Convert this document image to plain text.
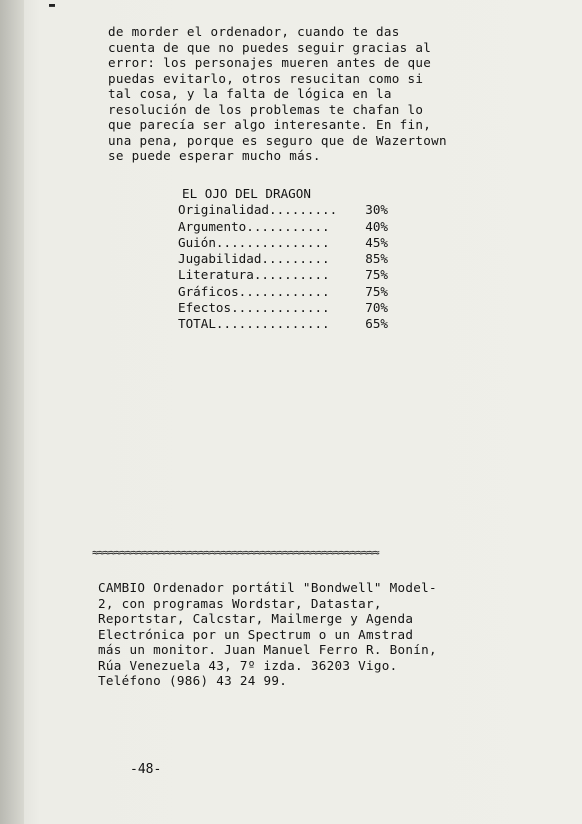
▬
de morder el ordenador, cuando te das
cuenta de que no puedes seguir gracias al
error: los personajes mueren antes de que
puedas evitarlo, otros resucitan como si
tal cosa, y la falta de lógica en la
resolución de los problemas te chafan lo
que parecía ser algo interesante. En fin,
una pena, porque es seguro que de Wazertown
se puede esperar mucho más.
EL OJO DEL DRAGON
Originalidad......... 30%
Argumento...........	40%
Guión...............	45%
Jugabilidad.........	85%
Literatura..........	75%
Gráficos............	75%
Efectos.............	70%
TOTAL...............	65%
≈≈≈≈≈≈≈≈≈≈≈≈≈≈≈≈≈≈≈≈≈≈≈≈≈≈≈≈≈≈≈≈≈≈≈≈≈≈≈≈≈≈≈≈≈≈≈≈≈≈≈
CAMBIO Ordenador portátil "Bondwell" Model-
2, con programas Wordstar, Datastar,
Reportstar, Calcstar, Mailmerge y Agenda
Electrónica por un Spectrum o un Amstrad
más un monitor. Juan Manuel Ferro R. Bonín,
Rúa Venezuela 43, 7º izda. 36203 Vigo.
Teléfono (986) 43 24 99.
-48-
